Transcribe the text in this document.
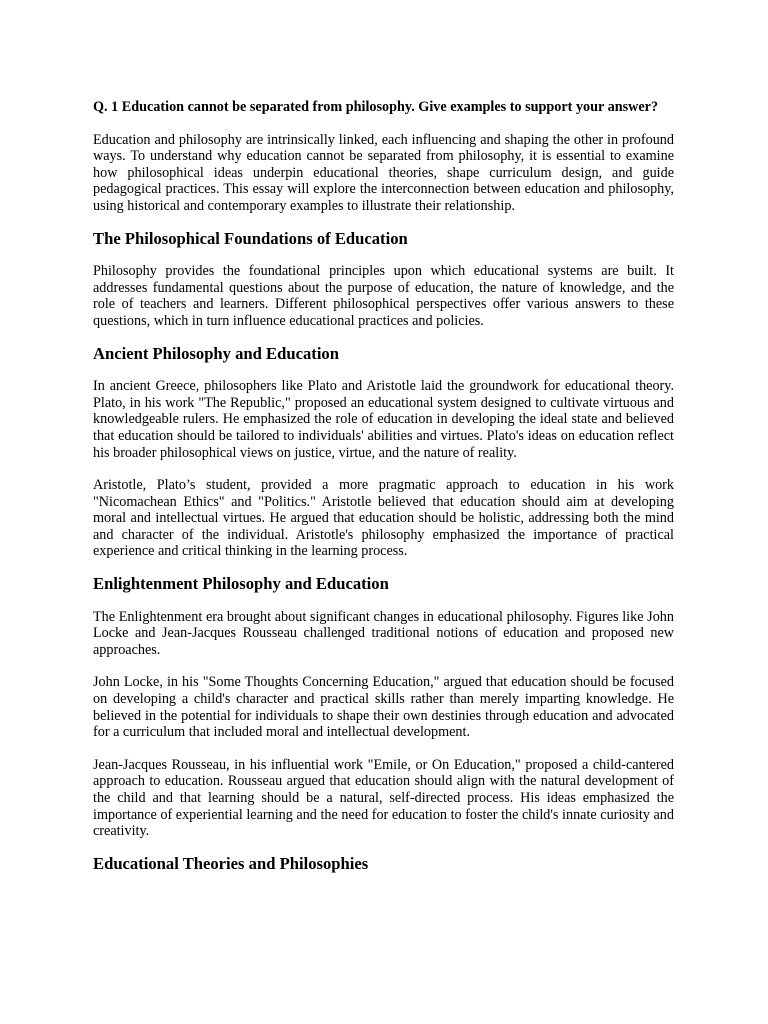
Q. 1 Education cannot be separated from philosophy. Give examples to support your answer?

Education and philosophy are intrinsically linked, each influencing and shaping the other in profound ways. To understand why education cannot be separated from philosophy, it is essential to examine how philosophical ideas underpin educational theories, shape curriculum design, and guide pedagogical practices. This essay will explore the interconnection between education and philosophy, using historical and contemporary examples to illustrate their relationship.

The Philosophical Foundations of Education

Philosophy provides the foundational principles upon which educational systems are built. It addresses fundamental questions about the purpose of education, the nature of knowledge, and the role of teachers and learners. Different philosophical perspectives offer various answers to these questions, which in turn influence educational practices and policies.

Ancient Philosophy and Education

In ancient Greece, philosophers like Plato and Aristotle laid the groundwork for educational theory. Plato, in his work "The Republic," proposed an educational system designed to cultivate virtuous and knowledgeable rulers. He emphasized the role of education in developing the ideal state and believed that education should be tailored to individuals' abilities and virtues. Plato's ideas on education reflect his broader philosophical views on justice, virtue, and the nature of reality.

Aristotle, Plato’s student, provided a more pragmatic approach to education in his work "Nicomachean Ethics" and "Politics." Aristotle believed that education should aim at developing moral and intellectual virtues. He argued that education should be holistic, addressing both the mind and character of the individual. Aristotle's philosophy emphasized the importance of practical experience and critical thinking in the learning process.

Enlightenment Philosophy and Education

The Enlightenment era brought about significant changes in educational philosophy. Figures like John Locke and Jean-Jacques Rousseau challenged traditional notions of education and proposed new approaches.

John Locke, in his "Some Thoughts Concerning Education," argued that education should be focused on developing a child's character and practical skills rather than merely imparting knowledge. He believed in the potential for individuals to shape their own destinies through education and advocated for a curriculum that included moral and intellectual development.

Jean-Jacques Rousseau, in his influential work "Emile, or On Education," proposed a child-cantered approach to education. Rousseau argued that education should align with the natural development of the child and that learning should be a natural, self-directed process. His ideas emphasized the importance of experiential learning and the need for education to foster the child's innate curiosity and creativity.

Educational Theories and Philosophies
